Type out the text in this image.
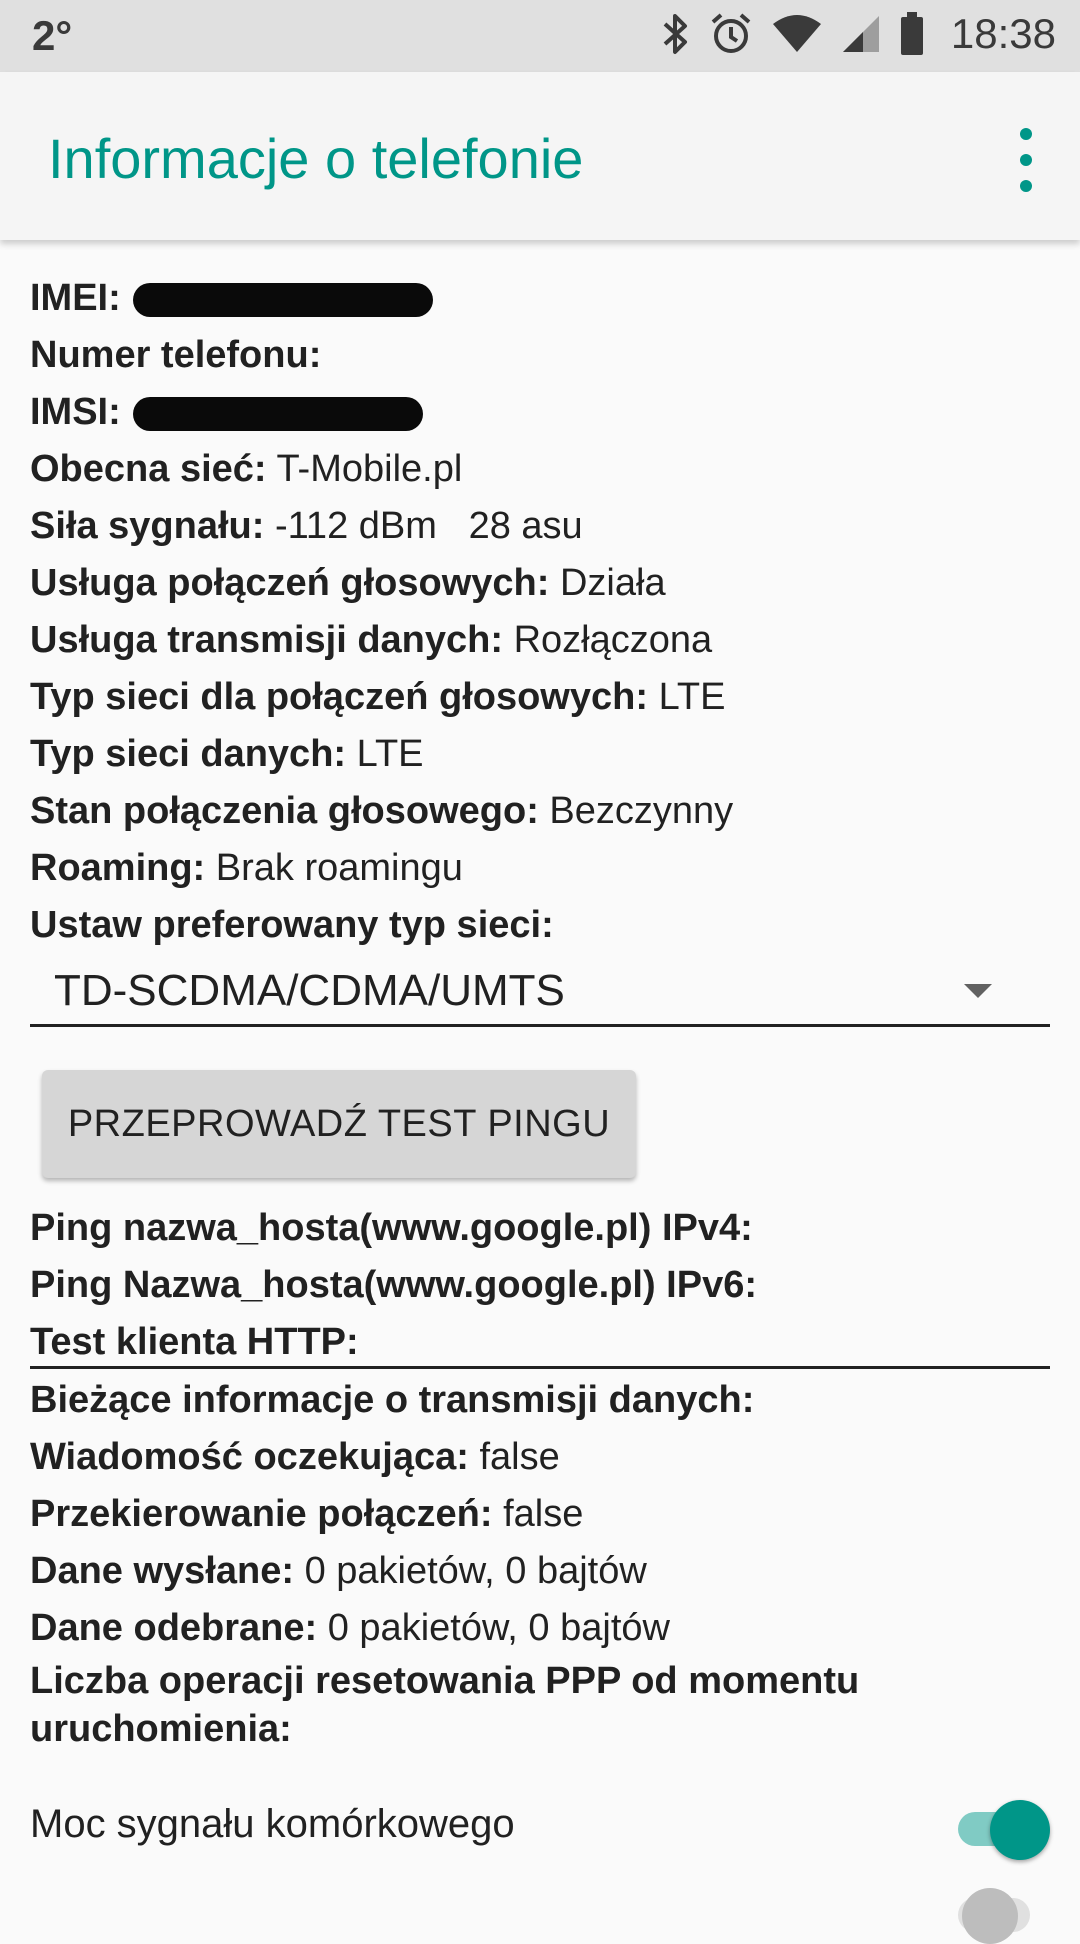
2°	18:38
Informacje o telefonie
IMEI:
Numer telefonu:
IMSI:
Obecna sieć: T-Mobile.pl
Siła sygnału: -112 dBm   28 asu
Usługa połączeń głosowych: Działa
Usługa transmisji danych: Rozłączona
Typ sieci dla połączeń głosowych: LTE
Typ sieci danych: LTE
Stan połączenia głosowego: Bezczynny
Roaming: Brak roamingu
Ustaw preferowany typ sieci:
TD-SCDMA/CDMA/UMTS
PRZEPROWADŹ TEST PINGU
Ping nazwa_hosta(www.google.pl) IPv4:
Ping Nazwa_hosta(www.google.pl) IPv6:
Test klienta HTTP:
Bieżące informacje o transmisji danych:
Wiadomość oczekująca: false
Przekierowanie połączeń: false
Dane wysłane: 0 pakietów, 0 bajtów
Dane odebrane: 0 pakietów, 0 bajtów
Liczba operacji resetowania PPP od momentu uruchomienia:
Moc sygnału komórkowego
